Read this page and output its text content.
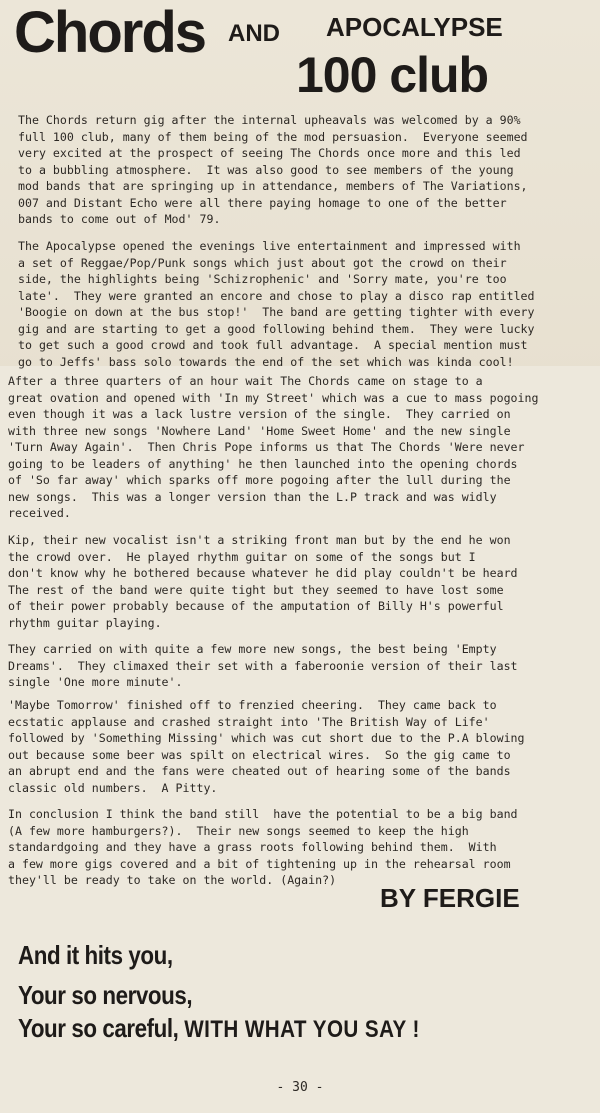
Chords AND APOCALYPSE
100 club

The Chords return gig after the internal upheavals was welcomed by a 90%
full 100 club, many of them being of the mod persuasion.  Everyone seemed
very excited at the prospect of seeing The Chords once more and this led
to a bubbling atmosphere.  It was also good to see members of the young
mod bands that are springing up in attendance, members of The Variations,
007 and Distant Echo were all there paying homage to one of the better
bands to come out of Mod' 79.

The Apocalypse opened the evenings live entertainment and impressed with
a set of Reggae/Pop/Punk songs which just about got the crowd on their
side, the highlights being 'Schizrophenic' and 'Sorry mate, you're too
late'.  They were granted an encore and chose to play a disco rap entitled
'Boogie on down at the bus stop!'  The band are getting tighter with every
gig and are starting to get a good following behind them.  They were lucky
to get such a good crowd and took full advantage.  A special mention must
go to Jeffs' bass solo towards the end of the set which was kinda cool!

After a three quarters of an hour wait The Chords came on stage to a
great ovation and opened with 'In my Street' which was a cue to mass pogoing
even though it was a lack lustre version of the single.  They carried on
with three new songs 'Nowhere Land' 'Home Sweet Home' and the new single
'Turn Away Again'.  Then Chris Pope informs us that The Chords 'Were never
going to be leaders of anything' he then launched into the opening chords
of 'So far away' which sparks off more pogoing after the lull during the
new songs.  This was a longer version than the L.P track and was widly
received.

Kip, their new vocalist isn't a striking front man but by the end he won
the crowd over.  He played rhythm guitar on some of the songs but I
don't know why he bothered because whatever he did play couldn't be heard
The rest of the band were quite tight but they seemed to have lost some
of their power probably because of the amputation of Billy H's powerful
rhythm guitar playing.

They carried on with quite a few more new songs, the best being 'Empty
Dreams'.  They climaxed their set with a faberoonie version of their last
single 'One more minute'.

'Maybe Tomorrow' finished off to frenzied cheering.  They came back to
ecstatic applause and crashed straight into 'The British Way of Life'
followed by 'Something Missing' which was cut short due to the P.A blowing
out because some beer was spilt on electrical wires.  So the gig came to
an abrupt end and the fans were cheated out of hearing some of the bands
classic old numbers.  A Pitty.

In conclusion I think the band still  have the potential to be a big band
(A few more hamburgers?).  Their new songs seemed to keep the high
standardgoing and they have a grass roots following behind them.  With
a few more gigs covered and a bit of tightening up in the rehearsal room
they'll be ready to take on the world. (Again?)

BY FERGIE
And it hits you,
Your so nervous,
Your so careful, WITH WHAT YOU SAY !
- 30 -
